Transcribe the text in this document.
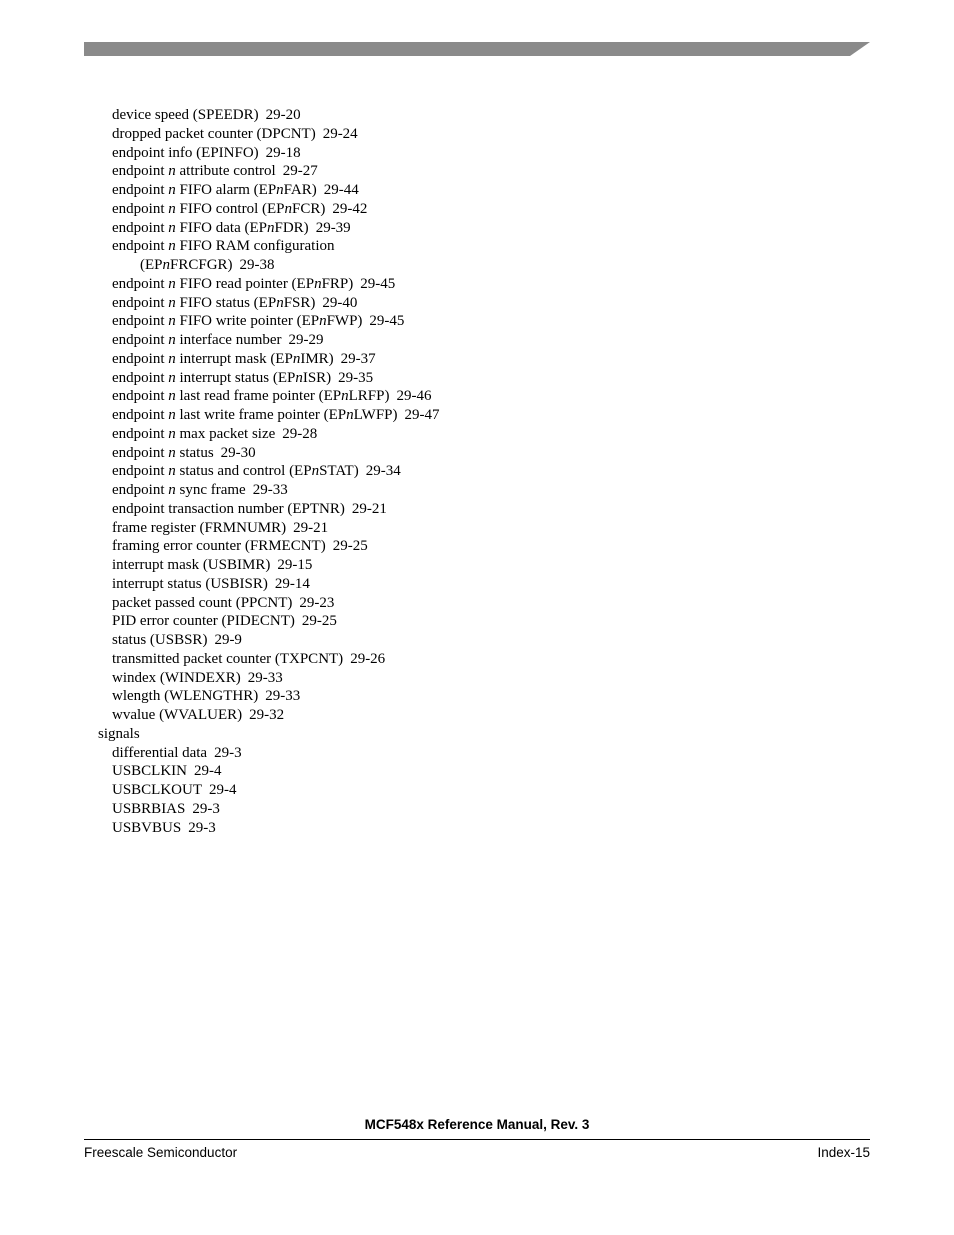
device speed (SPEEDR) 29-20
dropped packet counter (DPCNT) 29-24
endpoint info (EPINFO) 29-18
endpoint n attribute control 29-27
endpoint n FIFO alarm (EPnFAR) 29-44
endpoint n FIFO control (EPnFCR) 29-42
endpoint n FIFO data (EPnFDR) 29-39
endpoint n FIFO RAM configuration
(EPnFRCFGR) 29-38
endpoint n FIFO read pointer (EPnFRP) 29-45
endpoint n FIFO status (EPnFSR) 29-40
endpoint n FIFO write pointer (EPnFWP) 29-45
endpoint n interface number 29-29
endpoint n interrupt mask (EPnIMR) 29-37
endpoint n interrupt status (EPnISR) 29-35
endpoint n last read frame pointer (EPnLRFP) 29-46
endpoint n last write frame pointer (EPnLWFP) 29-47
endpoint n max packet size 29-28
endpoint n status 29-30
endpoint n status and control (EPnSTAT) 29-34
endpoint n sync frame 29-33
endpoint transaction number (EPTNR) 29-21
frame register (FRMNUMR) 29-21
framing error counter (FRMECNT) 29-25
interrupt mask (USBIMR) 29-15
interrupt status (USBISR) 29-14
packet passed count (PPCNT) 29-23
PID error counter (PIDECNT) 29-25
status (USBSR) 29-9
transmitted packet counter (TXPCNT) 29-26
windex (WINDEXR) 29-33
wlength (WLENGTHR) 29-33
wvalue (WVALUER) 29-32
signals
differential data 29-3
USBCLKIN 29-4
USBCLKOUT 29-4
USBRBIAS 29-3
USBVBUS 29-3
MCF548x Reference Manual, Rev. 3
Freescale Semiconductor	Index-15
